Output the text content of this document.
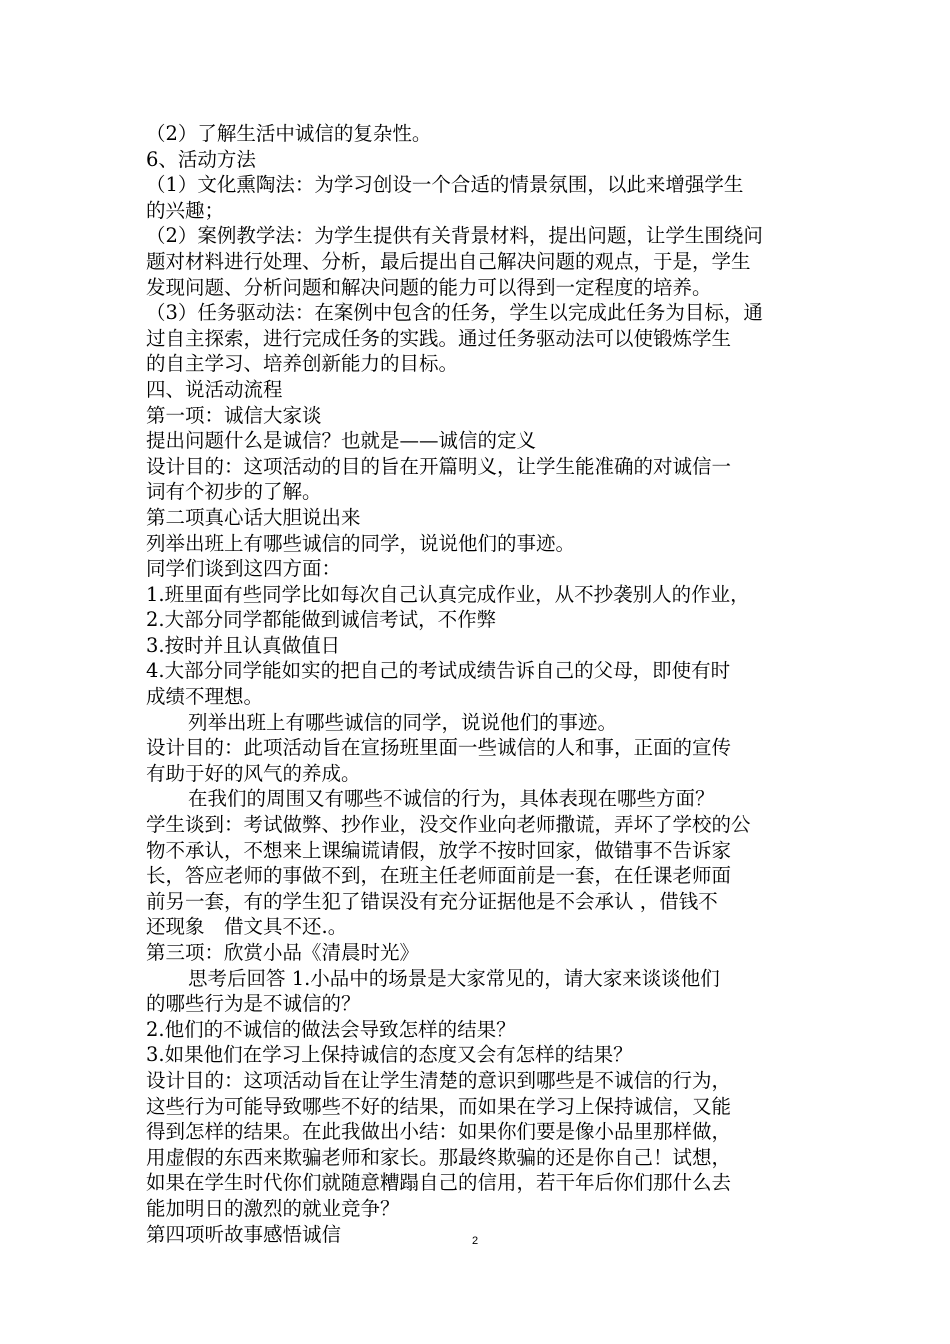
（2）了解生活中诚信的复杂性。
6、活动方法
（1）文化熏陶法：为学习创设一个合适的情景氛围，以此来增强学生
的兴趣；
（2）案例教学法：为学生提供有关背景材料，提出问题，让学生围绕问
题对材料进行处理、分析，最后提出自己解决问题的观点，于是，学生
发现问题、分析问题和解决问题的能力可以得到一定程度的培养。
（3）任务驱动法：在案例中包含的任务，学生以完成此任务为目标，通
过自主探索，进行完成任务的实践。通过任务驱动法可以使锻炼学生
的自主学习、培养创新能力的目标。
四、说活动流程
第一项：诚信大家谈
提出问题什么是诚信？也就是——诚信的定义
设计目的：这项活动的目的旨在开篇明义，让学生能准确的对诚信一
词有个初步的了解。
第二项真心话大胆说出来
列举出班上有哪些诚信的同学，说说他们的事迹。
同学们谈到这四方面：
1.班里面有些同学比如每次自己认真完成作业，从不抄袭别人的作业，
2.大部分同学都能做到诚信考试，不作弊
3.按时并且认真做值日
4.大部分同学能如实的把自己的考试成绩告诉自己的父母，即使有时
成绩不理想。
列举出班上有哪些诚信的同学，说说他们的事迹。
设计目的：此项活动旨在宣扬班里面一些诚信的人和事，正面的宣传
有助于好的风气的养成。
在我们的周围又有哪些不诚信的行为，具体表现在哪些方面？
学生谈到：考试做弊、抄作业，没交作业向老师撒谎，弄坏了学校的公
物不承认，不想来上课编谎请假，放学不按时回家，做错事不告诉家
长，答应老师的事做不到，在班主任老师面前是一套，在任课老师面
前另一套，有的学生犯了错误没有充分证据他是不会承认 ，借钱不
还现象　借文具不还.。
第三项：欣赏小品《清晨时光》
思考后回答 1.小品中的场景是大家常见的，请大家来谈谈他们
的哪些行为是不诚信的？
2.他们的不诚信的做法会导致怎样的结果？
3.如果他们在学习上保持诚信的态度又会有怎样的结果？
设计目的：这项活动旨在让学生清楚的意识到哪些是不诚信的行为，
这些行为可能导致哪些不好的结果，而如果在学习上保持诚信，又能
得到怎样的结果。在此我做出小结：如果你们要是像小品里那样做，
用虚假的东西来欺骗老师和家长。那最终欺骗的还是你自己！试想，
如果在学生时代你们就随意糟蹋自己的信用，若干年后你们那什么去
能加明日的激烈的就业竞争？
第四项听故事感悟诚信	2
